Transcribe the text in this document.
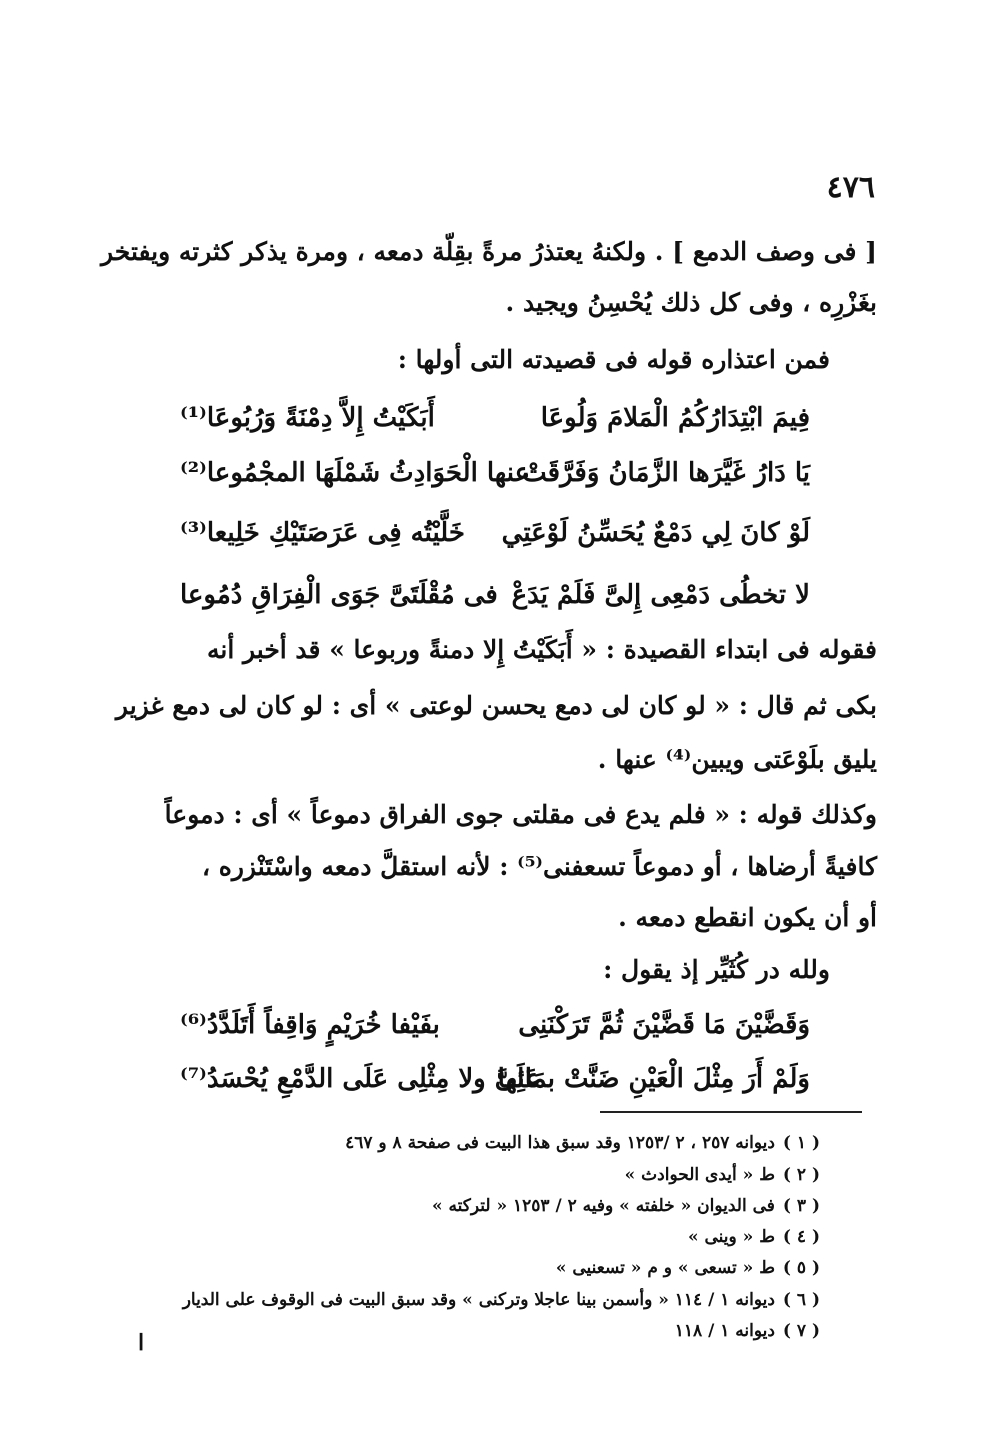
٤٧٦
[ فى وصف الدمع ] . ولكنهُ يعتذرُ مرةً بقِلّة دمعه ، ومرة يذكر كثرته ويفتخر
بغَزْرِه ، وفى كل ذلك يُحْسِنُ ويجيد .
فمن اعتذاره قوله فى قصيدته التى أولها :
فِيمَ ابْتِدَارُكُمُ الْمَلامَ وَلُوعَا
أَبَكَيْتُ إِلاَّ دِمْنَةً وَرُبُوعَا⁽¹⁾
يَا دَارُ غَيَّرَها الزَّمَانُ وَفَرَّقَتْ
عنها الْحَوَادِثُ شَمْلَهَا المجْمُوعا⁽²⁾
لَوْ كانَ لِي دَمْعٌ يُحَسِّنُ لَوْعَتِي
خَلَّيْتُه فِى عَرَصَتَيْكِ خَلِيعا⁽³⁾
لا تخطُى دَمْعِى إِلىَّ فَلَمْ يَدَعْ
فى مُقْلَتَىَّ جَوَى الْفِرَاقِ دُمُوعا
فقوله فى ابتداء القصيدة : « أَبَكَيْتُ إِلا دمنةً وربوعا » قد أخبر أنه
بكى ثم قال : « لو كان لى دمع يحسن لوعتى » أى : لو كان لى دمع غزير
يليق بلَوْعَتى ويبين⁽⁴⁾ عنها .
وكذلك قوله : « فلم يدع فى مقلتى جوى الفراق دموعاً » أى : دموعاً
كافيةً أرضاها ، أو دموعاً تسعفنى⁽⁵⁾ : لأنه استقلَّ دمعه واسْتَنْزره ،
أو أن يكون انقطع دمعه .
ولله در كُثَيِّر إذ يقول :
وَقَضَّيْنَ مَا قَضَّيْنَ ثُمَّ تَرَكْنَنِى
بفَيْفا خُرَيْمٍ وَاقِفاً أَتَلَدَّدُ⁽⁶⁾
وَلَمْ أَرَ مِثْلَ الْعَيْنِ ضَنَّتْ بمَائِها
عَلَىَّ ولا مِثْلِى عَلَى الدَّمْعِ يُحْسَدُ⁽⁷⁾
( ١ )ديوانه ٢٥٧ ، ٢ /١٢٥٣ وقد سبق هذا البيت فى صفحة ٨ و ٤٦٧
( ٢ )ط « أيدى الحوادث »
( ٣ )فى الديوان « خلفته » وفيه ٢ / ١٢٥٣ « لتركته »
( ٤ )ط « وينى »
( ٥ )ط « تسعى » و م « تسعنيى »
( ٦ )ديوانه ١ / ١١٤ « وأسمن بينا عاجلا وتركنى » وقد سبق البيت فى الوقوف على الديار
( ٧ )ديوانه ١ / ١١٨
ا
